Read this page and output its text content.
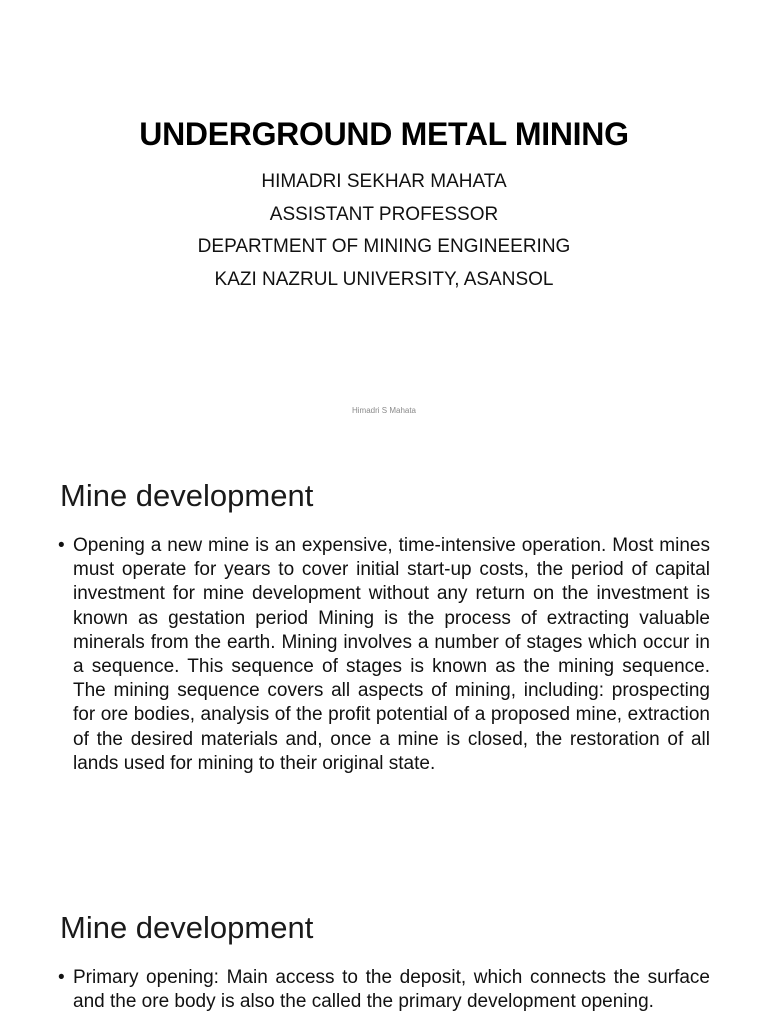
UNDERGROUND METAL MINING
HIMADRI SEKHAR MAHATA
ASSISTANT PROFESSOR
DEPARTMENT OF MINING ENGINEERING
KAZI NAZRUL UNIVERSITY, ASANSOL
Himadri S Mahata
Mine development
• Opening a new mine is an expensive, time-intensive operation. Most mines must operate for years to cover initial start-up costs, the period of capital investment for mine development without any return on the investment is known as gestation period Mining is the process of extracting valuable minerals from the earth. Mining involves a number of stages which occur in a sequence. This sequence of stages is known as the mining sequence. The mining sequence covers all aspects of mining, including: prospecting for ore bodies, analysis of the profit potential of a proposed mine, extraction of the desired materials and, once a mine is closed, the restoration of all lands used for mining to their original state.
Mine development
• Primary opening: Main access to the deposit, which connects the surface and the ore body is also the called the primary development opening.
